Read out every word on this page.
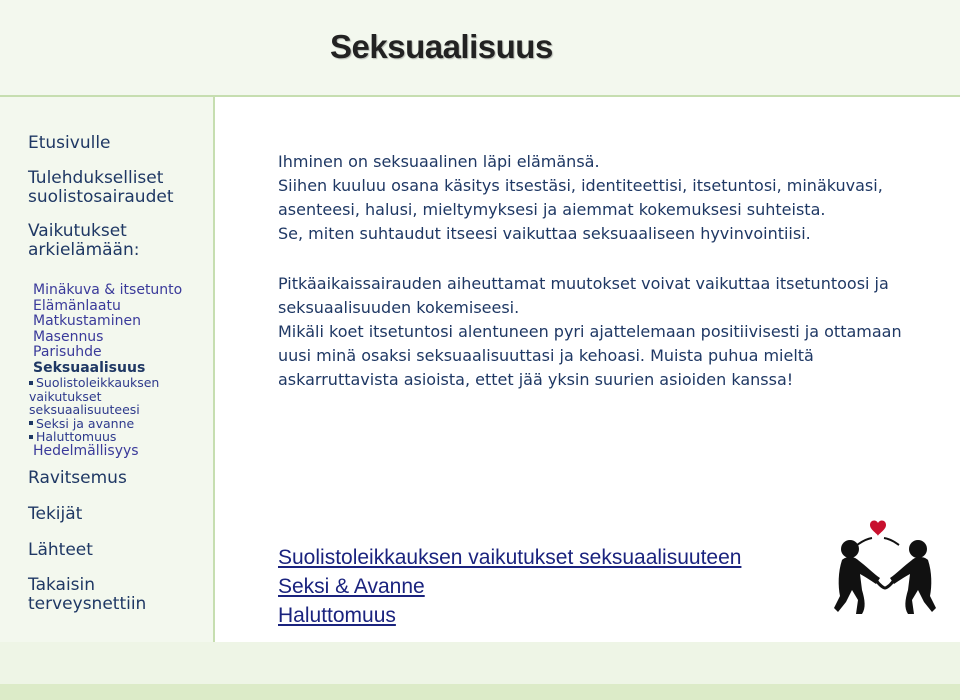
Seksuaalisuus
Etusivulle
Tulehdukselliset
suolistosairaudet
Vaikutukset
arkielämään:
Minäkuva & itsetunto
Elämänlaatu
Matkustaminen
Masennus
Parisuhde
Seksuaalisuus
Suolistoleikkauksen vaikutukset seksuaalisuuteesi
Seksi ja avanne
Haluttomuus
Hedelmällisyys
Ravitsemus
Tekijät
Lähteet
Takaisin
terveysnettiin

Ihminen on seksuaalinen läpi elämänsä.

Siihen kuuluu osana käsitys itsestäsi, identiteettisi, itsetuntosi, minäkuvasi, asenteesi, halusi, mieltymyksesi ja aiemmat kokemuksesi suhteista.

Se, miten suhtaudut itseesi vaikuttaa seksuaaliseen hyvinvointiisi.

Pitkäaikaissairauden aiheuttamat muutokset voivat vaikuttaa itsetuntoosi ja seksuaalisuuden kokemiseesi.

Mikäli koet itsetuntosi alentuneen pyri ajattelemaan positiivisesti ja ottamaan uusi minä osaksi seksuaalisuuttasi ja kehoasi. Muista puhua mieltä askarruttavista asioista, ettet jää yksin suurien asioiden kanssa!

Suolistoleikkauksen vaikutukset seksuaalisuuteen
Seksi & Avanne
Haluttomuus
